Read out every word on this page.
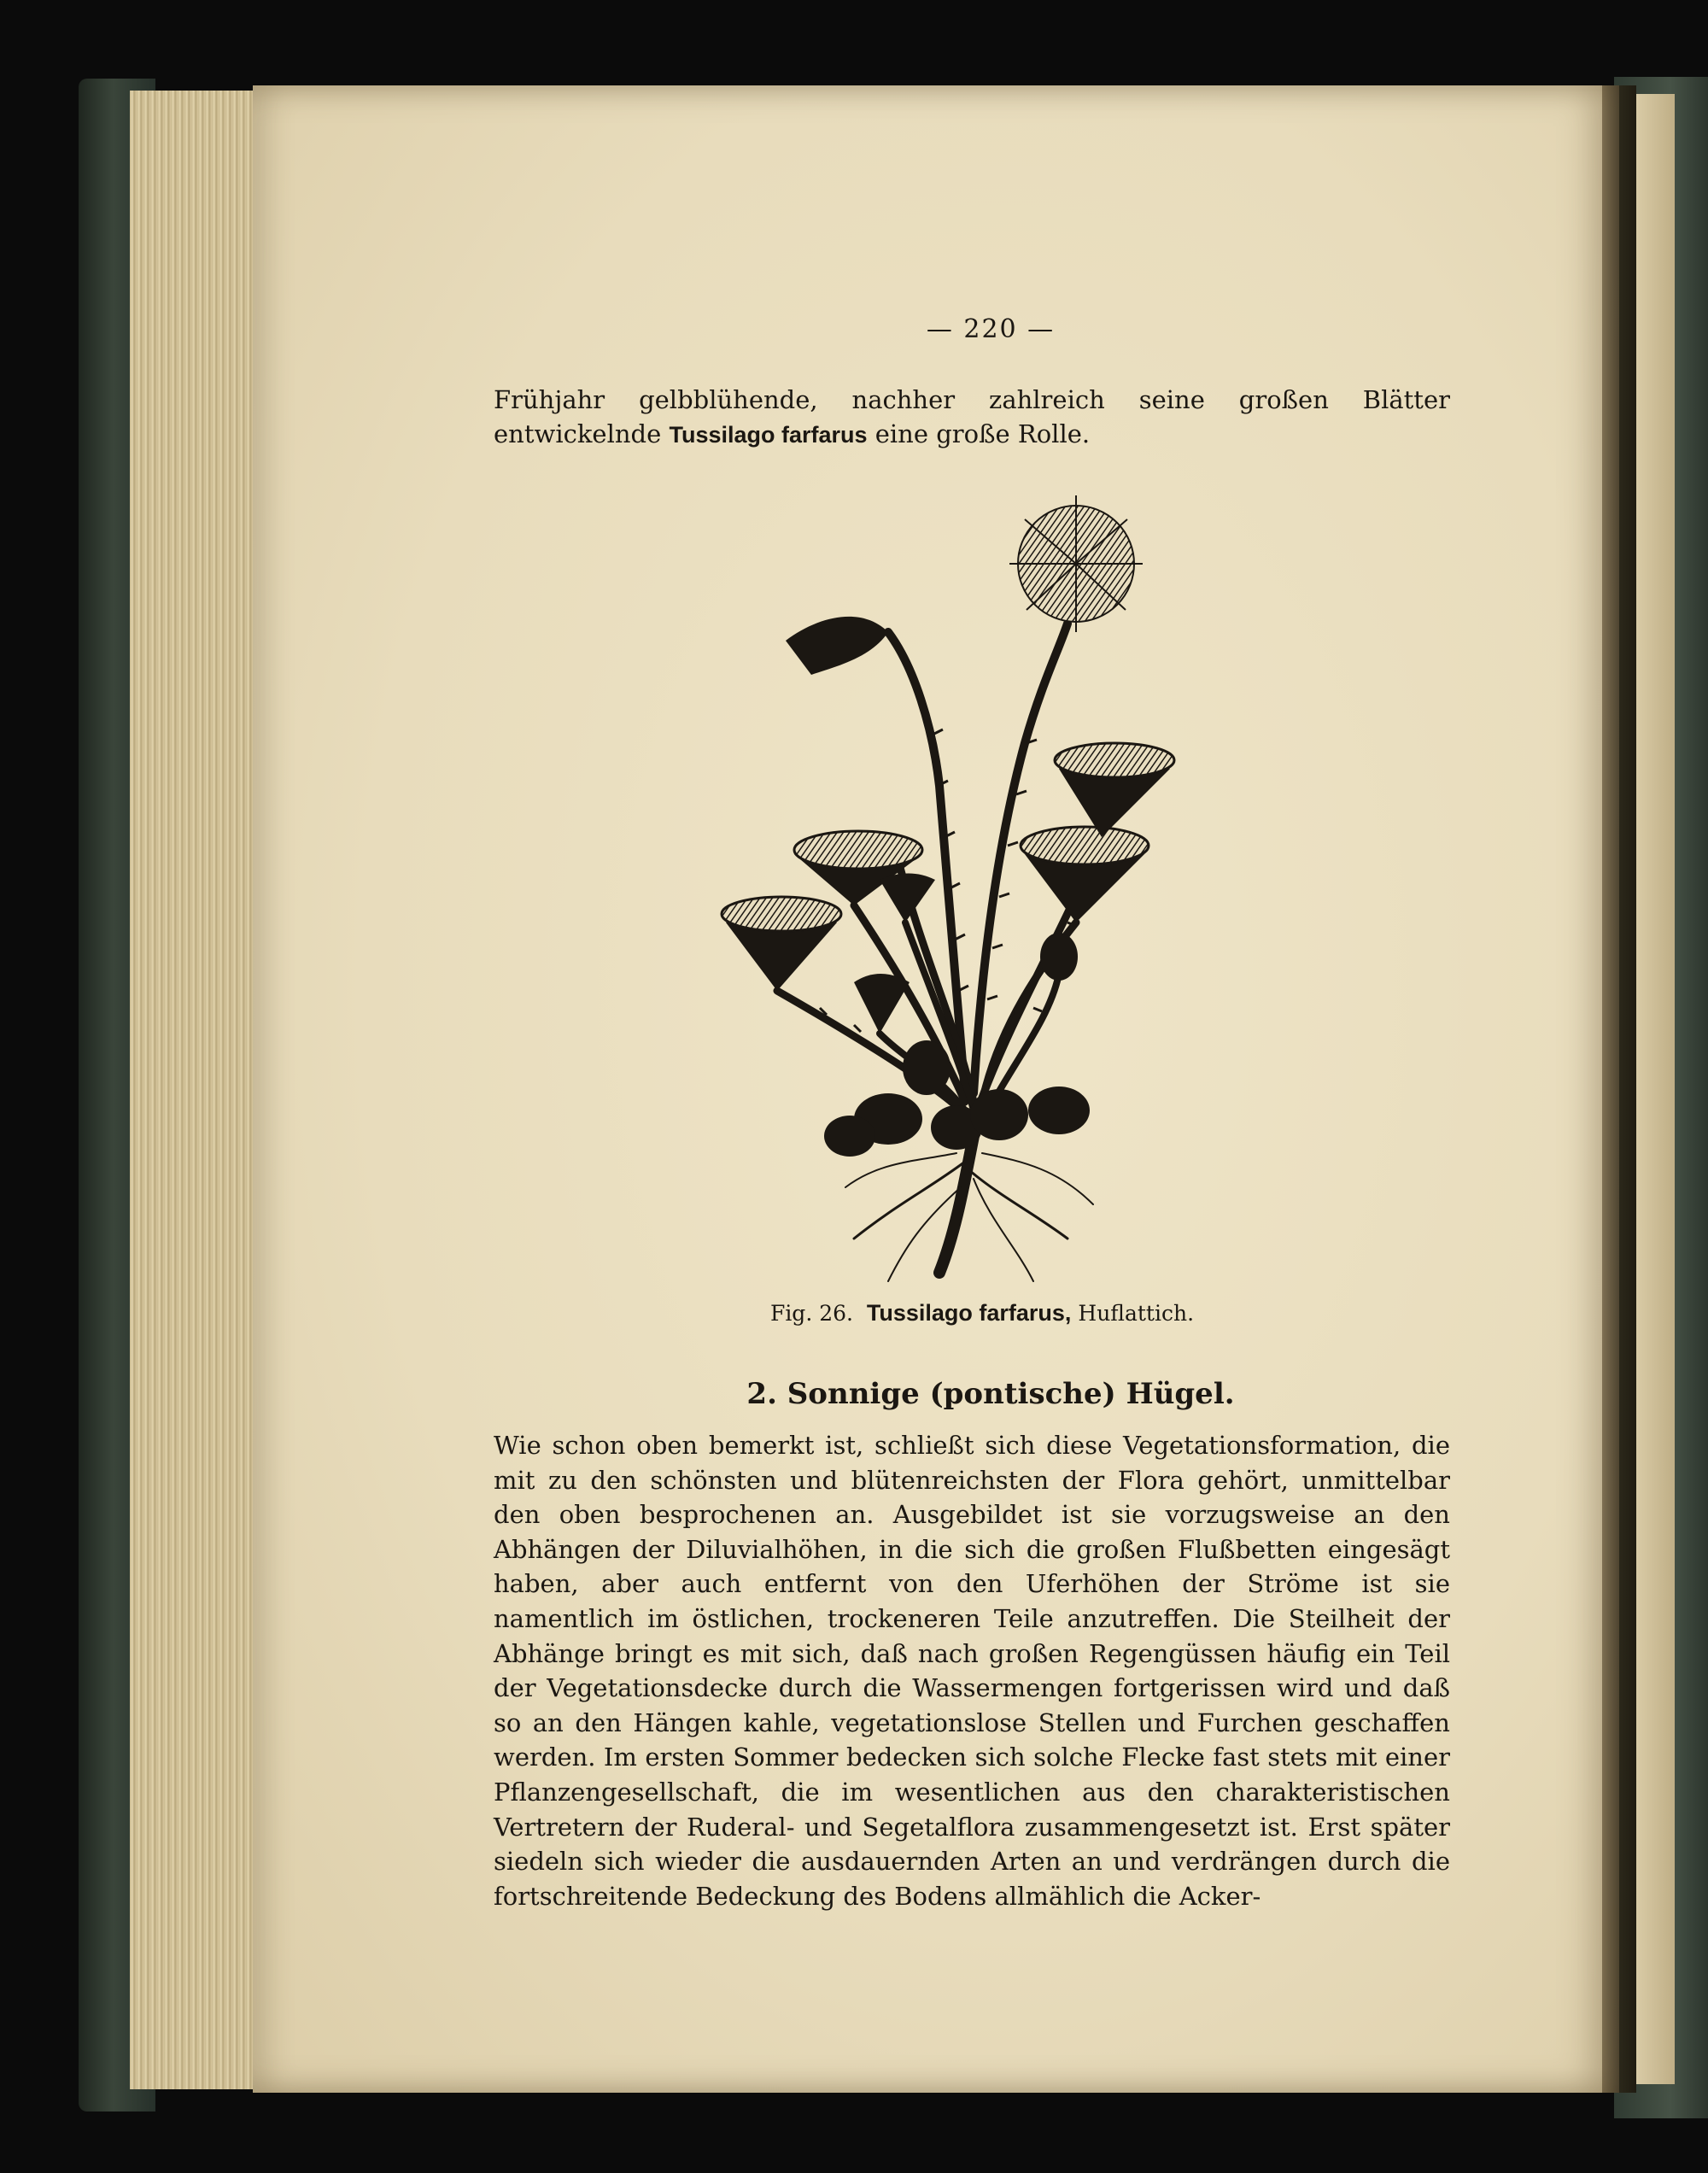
— 220 —

Frühjahr gelbblühende, nachher zahlreich seine großen Blätter entwickelnde Tussilago farfarus eine große Rolle.

Fig. 26. Tussilago farfarus, Huflattich.
2. Sonnige (pontische) Hügel.

Wie schon oben bemerkt ist, schließt sich diese Vegetationsformation, die mit zu den schönsten und blütenreichsten der Flora gehört, unmittelbar den oben besprochenen an. Ausgebildet ist sie vorzugsweise an den Abhängen der Diluvialhöhen, in die sich die großen Flußbetten eingesägt haben, aber auch entfernt von den Uferhöhen der Ströme ist sie namentlich im östlichen, trockeneren Teile anzutreffen. Die Steilheit der Abhänge bringt es mit sich, daß nach großen Regengüssen häufig ein Teil der Vegetationsdecke durch die Wassermengen fortgerissen wird und daß so an den Hängen kahle, vegetationslose Stellen und Furchen geschaffen werden. Im ersten Sommer bedecken sich solche Flecke fast stets mit einer Pflanzengesellschaft, die im wesentlichen aus den charakteristischen Vertretern der Ruderal- und Segetalflora zusammengesetzt ist. Erst später siedeln sich wieder die ausdauernden Arten an und verdrängen durch die fortschreitende Bedeckung des Bodens allmählich die Acker-
